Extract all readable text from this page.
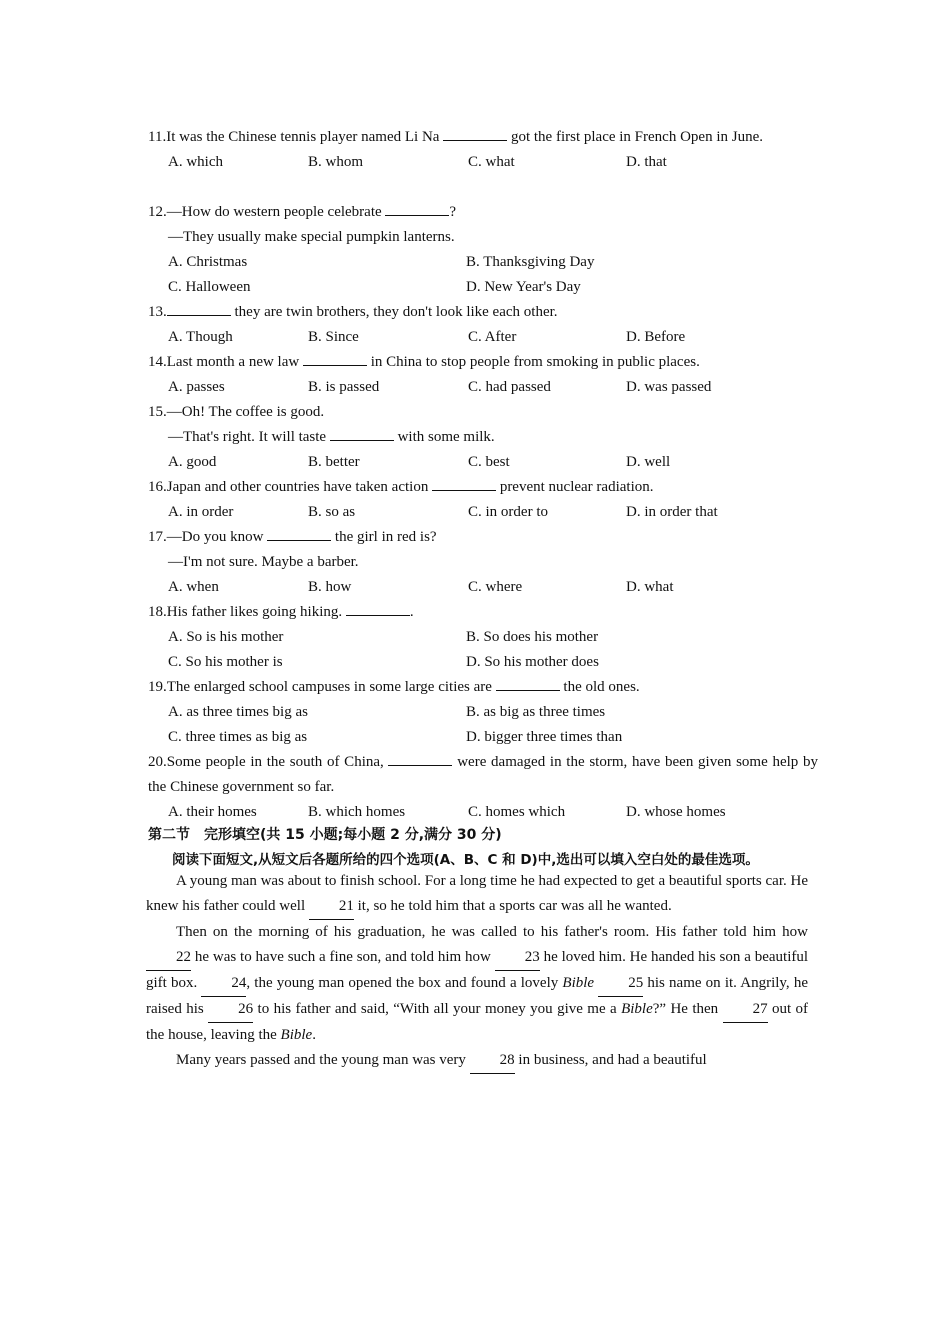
11.It was the Chinese tennis player named Li Na	got the first place in French Open in June.
A. which	B. whom	C. what	D. that
12.—How do western people celebrate	?
—They usually make special pumpkin lanterns.
A. Christmas	B. Thanksgiving Day
C. Halloween	D. New Year's Day
13.	they are twin brothers, they don't look like each other.
A. Though	B. Since	C. After	D. Before
14.Last month a new law	in China to stop people from smoking in public places.
A. passes	B. is passed	C. had passed	D. was passed
15.—Oh! The coffee is good.
—That's right. It will taste	with some milk.
A. good	B. better	C. best	D. well
16.Japan and other countries have taken action	prevent nuclear radiation.
A. in order	B. so as	C. in order to	D. in order that
17.—Do you know	the girl in red is?
—I'm not sure. Maybe a barber.
A. when	B. how	C. where	D. what
18.His father likes going hiking.	.
A. So is his mother	B. So does his mother
C. So his mother is	D. So his mother does
19.The enlarged school campuses in some large cities are	the old ones.
A. as three times big as	B. as big as three times
C. three times as big as	D. bigger three times than
20.Some people in the south of China,	were damaged in the storm, have been given some help by the Chinese government so far.
A. their homes	B. which homes	C. homes which	D. whose homes
第二节　完形填空(共 15 小题;每小题 2 分,满分 30 分)
阅读下面短文,从短文后各题所给的四个选项(A、B、C 和 D)中,选出可以填入空白处的最佳选项。

A young man was about to finish school. For a long time he had expected to get a beautiful sports car. He knew his father could well 21 it, so he told him that a sports car was all he wanted.

Then on the morning of his graduation, he was called to his father's room. His father told him how 22 he was to have such a fine son, and told him how 23 he loved him. He handed his son a beautiful gift box. 24, the young man opened the box and found a lovely Bible 25 his name on it. Angrily, he raised his 26 to his father and said, “With all your money you give me a Bible?” He then 27 out of the house, leaving the Bible.

Many years passed and the young man was very 28 in business, and had a beautiful
